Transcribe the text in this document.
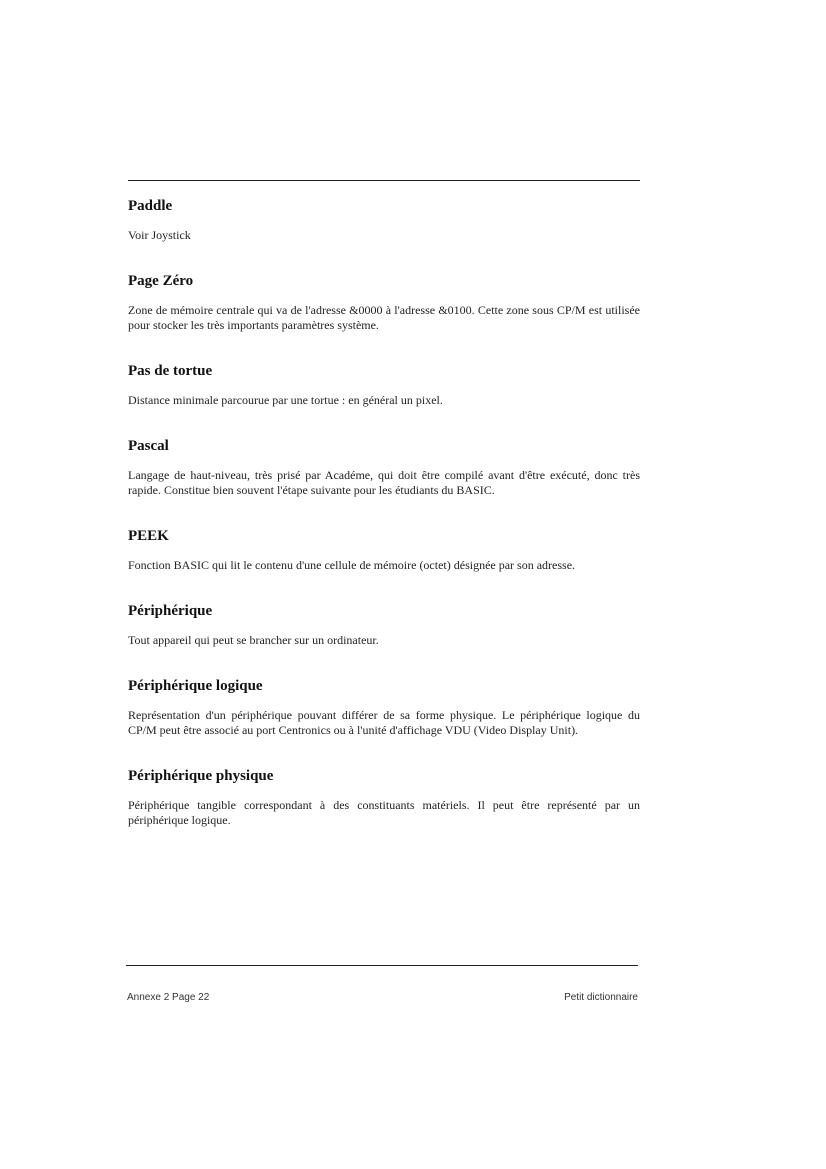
Paddle

Voir Joystick

Page Zéro

Zone de mémoire centrale qui va de l'adresse &0000 à l'adresse &0100. Cette zone sous CP/M est utilisée pour stocker les très importants paramètres système.

Pas de tortue

Distance minimale parcourue par une tortue : en général un pixel.

Pascal

Langage de haut-niveau, très prisé par Académe, qui doit être compilé avant d'être exécuté, donc très rapide. Constitue bien souvent l'étape suivante pour les étudiants du BASIC.

PEEK

Fonction BASIC qui lit le contenu d'une cellule de mémoire (octet) désignée par son adresse.

Périphérique

Tout appareil qui peut se brancher sur un ordinateur.

Périphérique logique

Représentation d'un périphérique pouvant différer de sa forme physique. Le périphérique logique du CP/M peut être associé au port Centronics ou à l'unité d'affichage VDU (Video Display Unit).

Périphérique physique

Périphérique tangible correspondant à des constituants matériels. Il peut être représenté par un périphérique logique.

Annexe 2 Page 22	Petit dictionnaire
